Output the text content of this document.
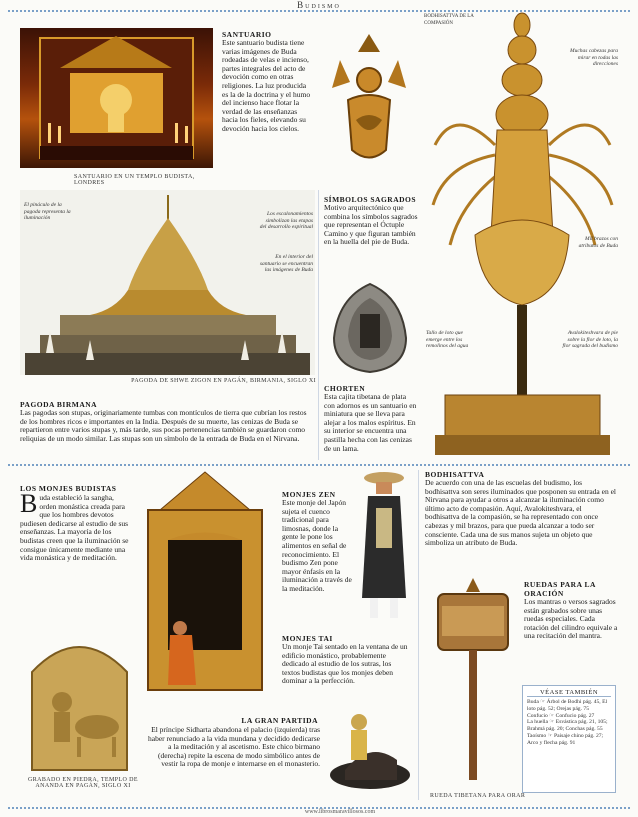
Budismo
SANTUARIO EN UN TEMPLO BUDISTA, LONDRES
SANTUARIO
Este santuario budista tiene varias imágenes de Buda rodeadas de velas e incienso, partes integrales del acto de devoción como en otras religiones. La luz producida es la de la doctrina y el humo del incienso hace flotar la verdad de las enseñanzas hacia los fieles, elevando su devoción hacia los cielos.
El pináculo de la pagoda representa la iluminación
Los escalonamientos simbolizan las etapas del desarrollo espiritual
En el interior del santuario se encuentran las imágenes de Buda
PAGODA DE SHWE ZIGON EN PAGÁN, BIRMANIA, SIGLO XI
PAGODA BIRMANA
Las pagodas son stupas, originariamente tumbas con montículos de tierra que cubrían los restos de los hombres ricos e importantes en la India. Después de su muerte, las cenizas de Buda se repartieron entre varios stupas y, más tarde, sus pocas pertenencias también se guardaron como reliquias de un modo similar. Las stupas son un símbolo de la entrada de Buda en el Nirvana.
SÍMBOLOS SAGRADOS
Motivo arquitectónico que combina los símbolos sagrados que representan el Óctuple Camino y que figuran también en la huella del pie de Buda.
CHORTEN
Esta cajita tibetana de plata con adornos es un santuario en miniatura que se lleva para alejar a los malos espíritus. En su interior se encuentra una pastilla hecha con las cenizas de un lama.
BODHISATTVA DE LA COMPASIÓN
Muchas cabezas para mirar en todas las direcciones
Mil brazos con atributos de Buda
Tallo de loto que emerge entre los remolinos del agua
Avalokiteshvara de pie sobre la flor de loto, la flor sagrada del budismo
LOS MONJES BUDISTAS
Buda estableció la sangha, orden monástica creada para que los hombres devotos pudiesen dedicarse al estudio de sus enseñanzas. La mayoría de los budistas creen que la iluminación se consigue únicamente mediante una vida monástica y de meditación.
GRABADO EN PIEDRA, TEMPLO DE ANANDA EN PAGÁN, SIGLO XI
MONJES ZEN
Este monje del Japón sujeta el cuenco tradicional para limosnas, donde la gente le pone los alimentos en señal de reconocimiento. El budismo Zen pone mayor énfasis en la iluminación a través de la meditación.
MONJES TAI
Un monje Tai sentado en la ventana de un edificio monástico, probablemente dedicado al estudio de los sutras, los textos budistas que los monjes deben dominar a la perfección.
LA GRAN PARTIDA
El príncipe Sidharta abandona el palacio (izquierda) tras haber renunciado a la vida mundana y decidido dedicarse a la meditación y al ascetismo. Este chico birmano (derecha) repite la escena de modo simbólico antes de vestir la ropa de monje e internarse en el monasterio.
BODHISATTVA
De acuerdo con una de las escuelas del budismo, los bodhisattva son seres iluminados que posponen su entrada en el Nirvana para ayudar a otros a alcanzar la iluminación como último acto de compasión. Aquí, Avalokiteshvara, el bodhisattva de la compasión, se ha representado con once cabezas y mil brazos, para que pueda alcanzar a todo ser consciente. Cada una de sus manos sujeta un objeto que simboliza un atributo de Buda.
RUEDA TIBETANA PARA ORAR
RUEDAS PARA LA ORACIÓN
Los mantras o versos sagrados están grabados sobre unas ruedas especiales. Cada rotación del cilindro equivale a una recitación del mantra.
VÉASE TAMBIÉN
Buda ☞ Árbol de Bodhi pág. 45, El loto pág. 52; Orejas pág. 75
Confucio ☞ Confucio pág. 27
La huella ☞ Esvástica pág. 21, 105; Brahmá pág. 20; Conchas pág. 55
Taoísmo ☞ Paisaje chino pág. 27; Arco y flecha pág. 91
www.librosmaravillosos.com
